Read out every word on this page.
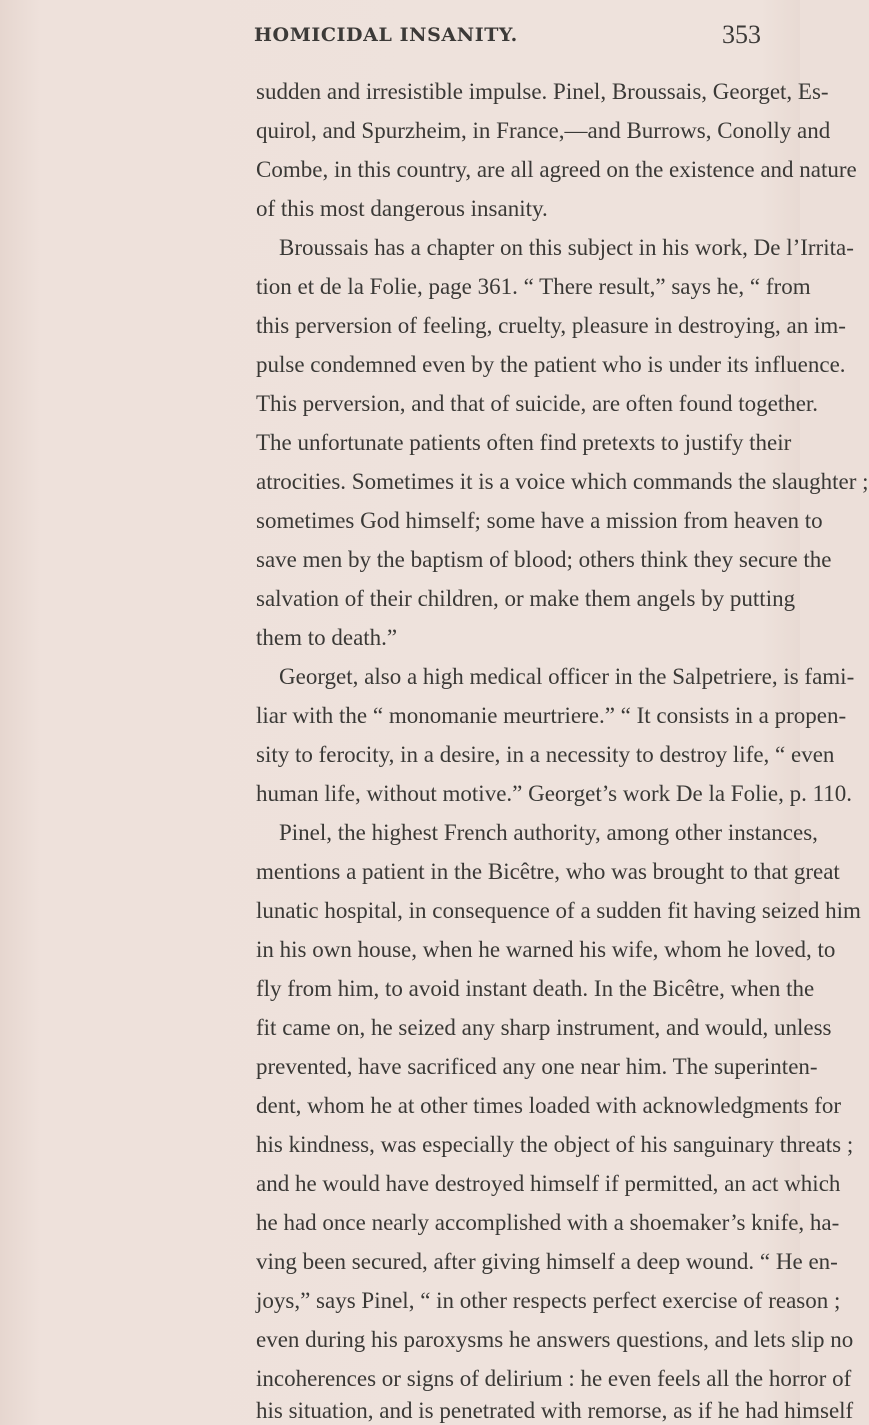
HOMICIDAL INSANITY.	353
sudden and irresistible impulse. Pinel, Broussais, Georget, Es-
quirol, and Spurzheim, in France,—and Burrows, Conolly and
Combe, in this country, are all agreed on the existence and nature
of this most dangerous insanity.
Broussais has a chapter on this subject in his work, De l’Irrita-
tion et de la Folie, page 361. “ There result,” says he, “ from
this perversion of feeling, cruelty, pleasure in destroying, an im-
pulse condemned even by the patient who is under its influence.
This perversion, and that of suicide, are often found together.
The unfortunate patients often find pretexts to justify their
atrocities. Sometimes it is a voice which commands the slaughter ;
sometimes God himself; some have a mission from heaven to
save men by the baptism of blood; others think they secure the
salvation of their children, or make them angels by putting
them to death.”
Georget, also a high medical officer in the Salpetriere, is fami-
liar with the “ monomanie meurtriere.” “ It consists in a propen-
sity to ferocity, in a desire, in a necessity to destroy life, “ even
human life, without motive.” Georget’s work De la Folie, p. 110.
Pinel, the highest French authority, among other instances,
mentions a patient in the Bicêtre, who was brought to that great
lunatic hospital, in consequence of a sudden fit having seized him
in his own house, when he warned his wife, whom he loved, to
fly from him, to avoid instant death. In the Bicêtre, when the
fit came on, he seized any sharp instrument, and would, unless
prevented, have sacrificed any one near him. The superinten-
dent, whom he at other times loaded with acknowledgments for
his kindness, was especially the object of his sanguinary threats ;
and he would have destroyed himself if permitted, an act which
he had once nearly accomplished with a shoemaker’s knife, ha-
ving been secured, after giving himself a deep wound. “ He en-
joys,” says Pinel, “ in other respects perfect exercise of reason ;
even during his paroxysms he answers questions, and lets slip no
incoherences or signs of delirium : he even feels all the horror of
his situation, and is penetrated with remorse, as if he had himself
